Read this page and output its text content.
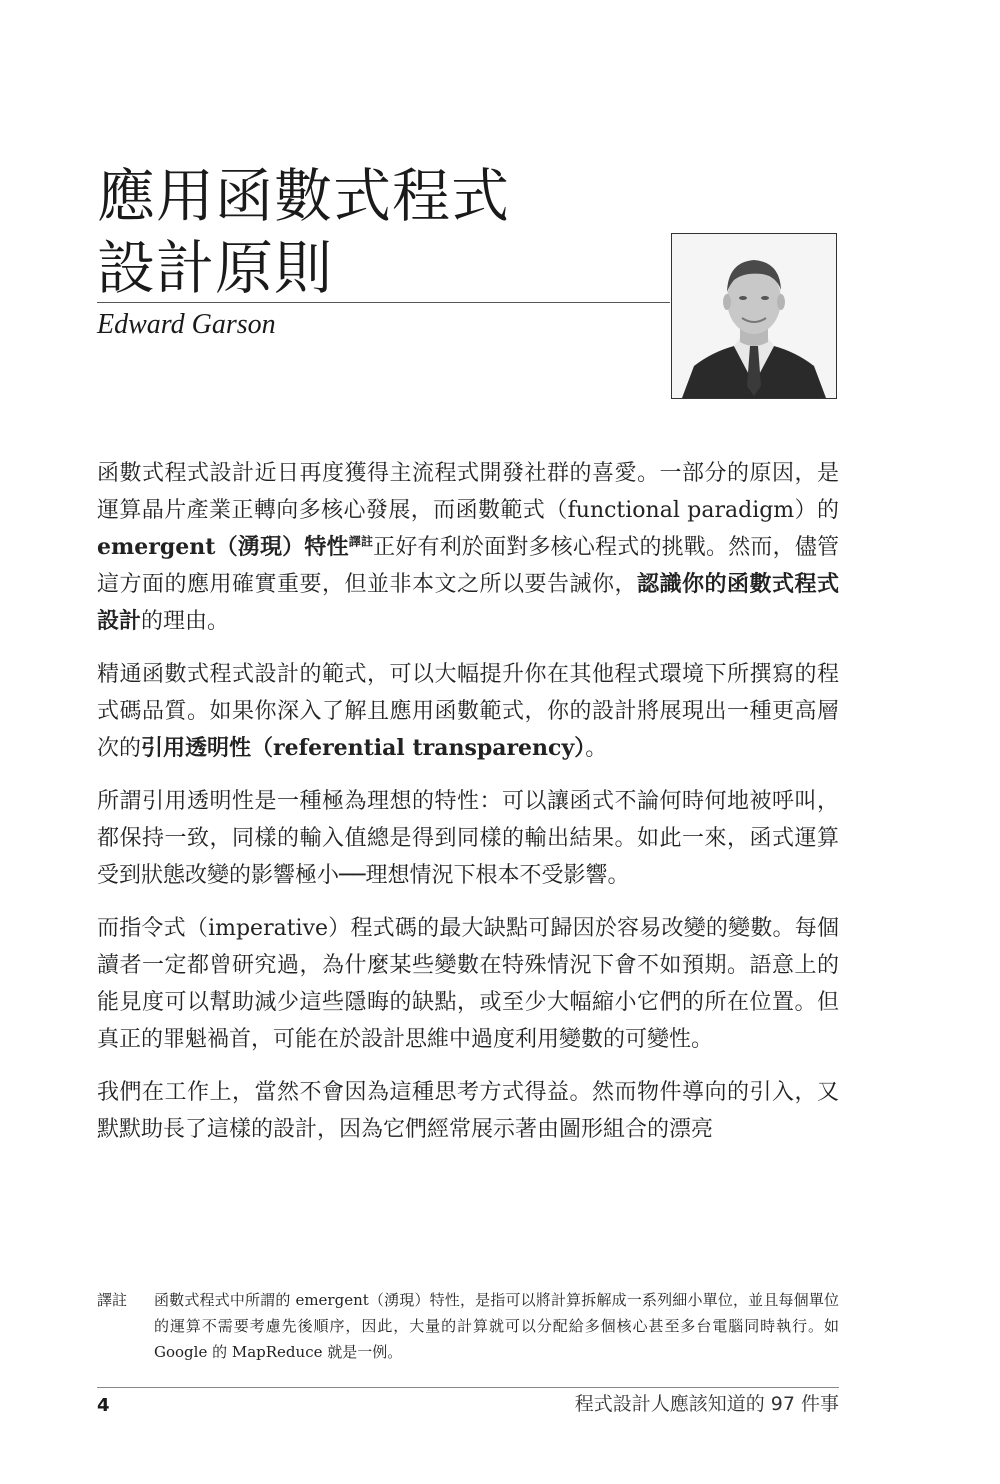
應用函數式程式
設計原則
Edward Garson

函數式程式設計近日再度獲得主流程式開發社群的喜愛。一部分的原因，是運算晶片產業正轉向多核心發展，而函數範式（functional paradigm）的 emergent（湧現）特性$^{譯註}$正好有利於面對多核心程式的挑戰。然而，儘管這方面的應用確實重要，但並非本文之所以要告誡你，認識你的函數式程式設計的理由。

精通函數式程式設計的範式，可以大幅提升你在其他程式環境下所撰寫的程式碼品質。如果你深入了解且應用函數範式，你的設計將展現出一種更高層次的引用透明性（referential transparency）。

所謂引用透明性是一種極為理想的特性：可以讓函式不論何時何地被呼叫，都保持一致，同樣的輸入值總是得到同樣的輸出結果。如此一來，函式運算受到狀態改變的影響極小──理想情況下根本不受影響。

而指令式（imperative）程式碼的最大缺點可歸因於容易改變的變數。每個讀者一定都曾研究過，為什麼某些變數在特殊情況下會不如預期。語意上的能見度可以幫助減少這些隱晦的缺點，或至少大幅縮小它們的所在位置。但真正的罪魁禍首，可能在於設計思維中過度利用變數的可變性。

我們在工作上，當然不會因為這種思考方式得益。然而物件導向的引入，又默默助長了這樣的設計，因為它們經常展示著由圖形組合的漂亮

譯註	函數式程式中所謂的 emergent（湧現）特性，是指可以將計算拆解成一系列細小單位，並且每個單位的運算不需要考慮先後順序，因此，大量的計算就可以分配給多個核心甚至多台電腦同時執行。如 Google 的 MapReduce 就是一例。
4	程式設計人應該知道的 97 件事
